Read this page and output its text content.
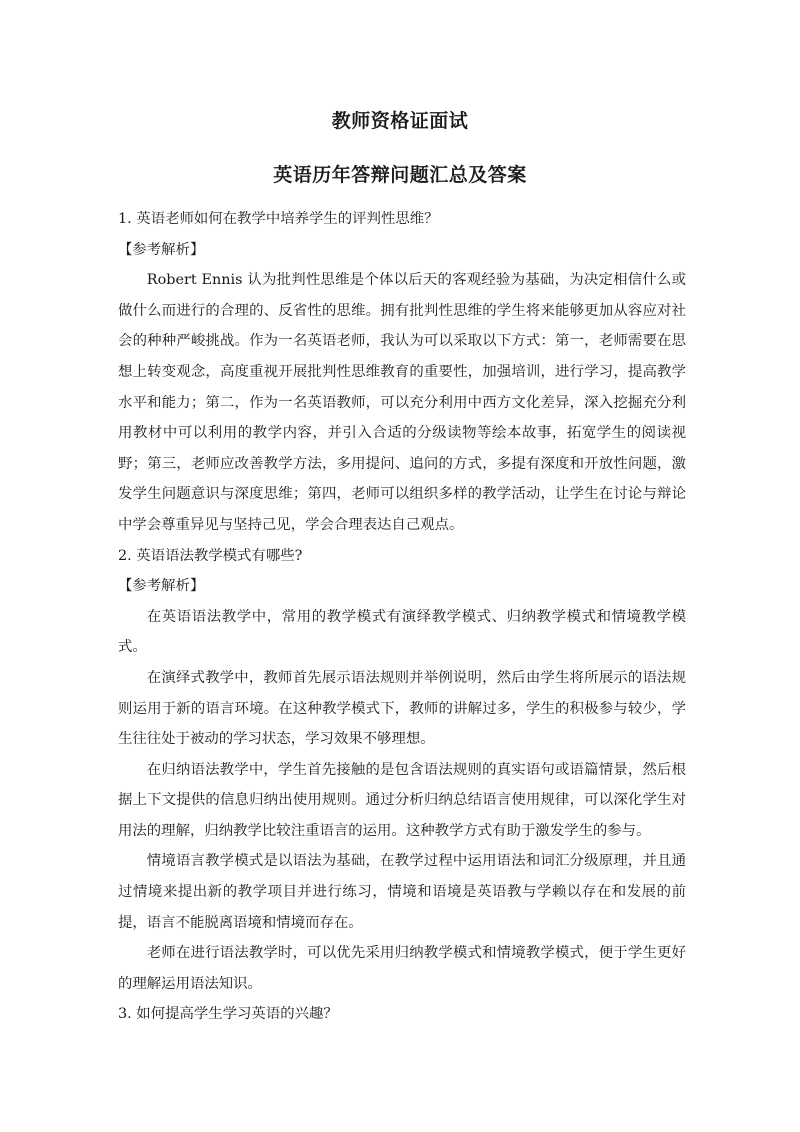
教师资格证面试
英语历年答辩问题汇总及答案

1. 英语老师如何在教学中培养学生的评判性思维？

【参考解析】

Robert Ennis 认为批判性思维是个体以后天的客观经验为基础，为决定相信什么或做什么而进行的合理的、反省性的思维。拥有批判性思维的学生将来能够更加从容应对社会的种种严峻挑战。作为一名英语老师，我认为可以采取以下方式：第一，老师需要在思想上转变观念，高度重视开展批判性思维教育的重要性，加强培训，进行学习，提高教学水平和能力；第二，作为一名英语教师，可以充分利用中西方文化差异，深入挖掘充分利用教材中可以利用的教学内容，并引入合适的分级读物等绘本故事，拓宽学生的阅读视野；第三，老师应改善教学方法，多用提问、追问的方式，多提有深度和开放性问题，激发学生问题意识与深度思维；第四，老师可以组织多样的教学活动，让学生在讨论与辩论中学会尊重异见与坚持己见，学会合理表达自己观点。

2. 英语语法教学模式有哪些?

【参考解析】

在英语语法教学中，常用的教学模式有演绎教学模式、归纳教学模式和情境教学模式。

在演绎式教学中，教师首先展示语法规则并举例说明，然后由学生将所展示的语法规则运用于新的语言环境。在这种教学模式下，教师的讲解过多，学生的积极参与较少，学生往往处于被动的学习状态，学习效果不够理想。

在归纳语法教学中，学生首先接触的是包含语法规则的真实语句或语篇情景，然后根据上下文提供的信息归纳出使用规则。通过分析归纳总结语言使用规律，可以深化学生对用法的理解，归纳教学比较注重语言的运用。这种教学方式有助于激发学生的参与。

情境语言教学模式是以语法为基础，在教学过程中运用语法和词汇分级原理，并且通过情境来提出新的教学项目并进行练习，情境和语境是英语教与学赖以存在和发展的前提，语言不能脱离语境和情境而存在。

老师在进行语法教学时，可以优先采用归纳教学模式和情境教学模式，便于学生更好的理解运用语法知识。

3. 如何提高学生学习英语的兴趣？
